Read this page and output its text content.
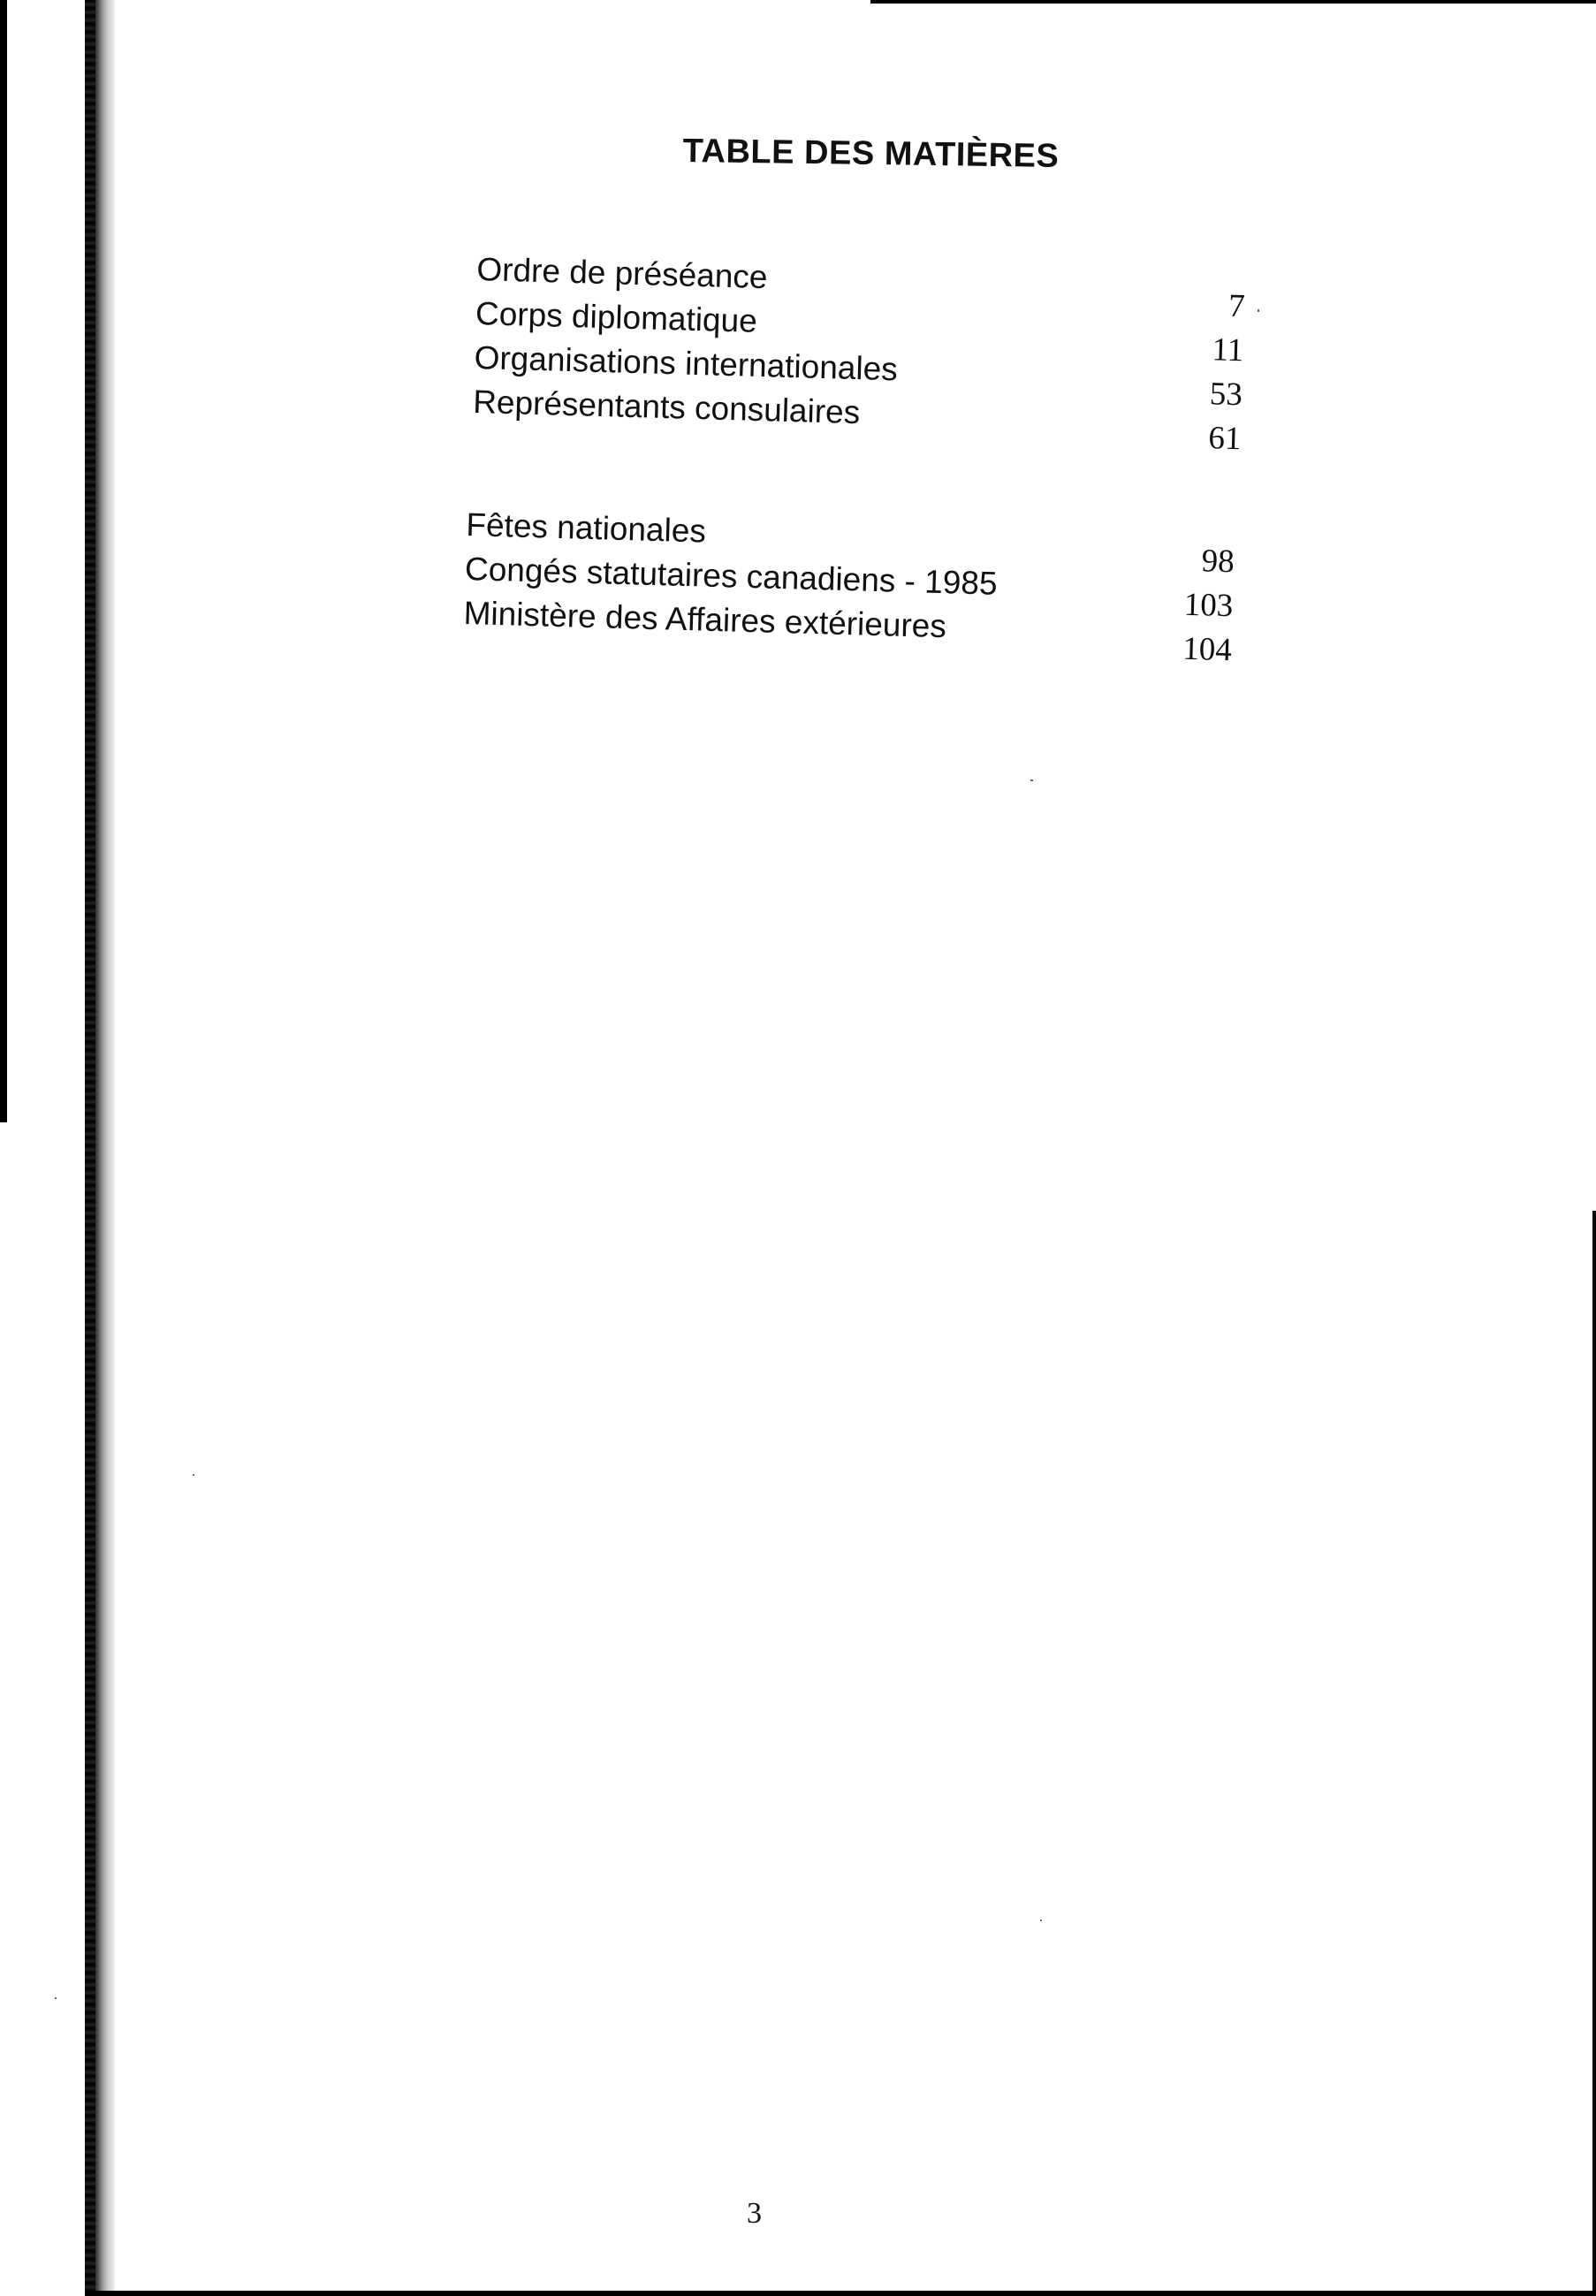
TABLE DES MATIÈRES
Ordre de préséance
7
Corps diplomatique
11
Organisations internationales
53
Représentants consulaires
61
Fêtes nationales
98
Congés statutaires canadiens - 1985
103
Ministère des Affaires extérieures
104
3
